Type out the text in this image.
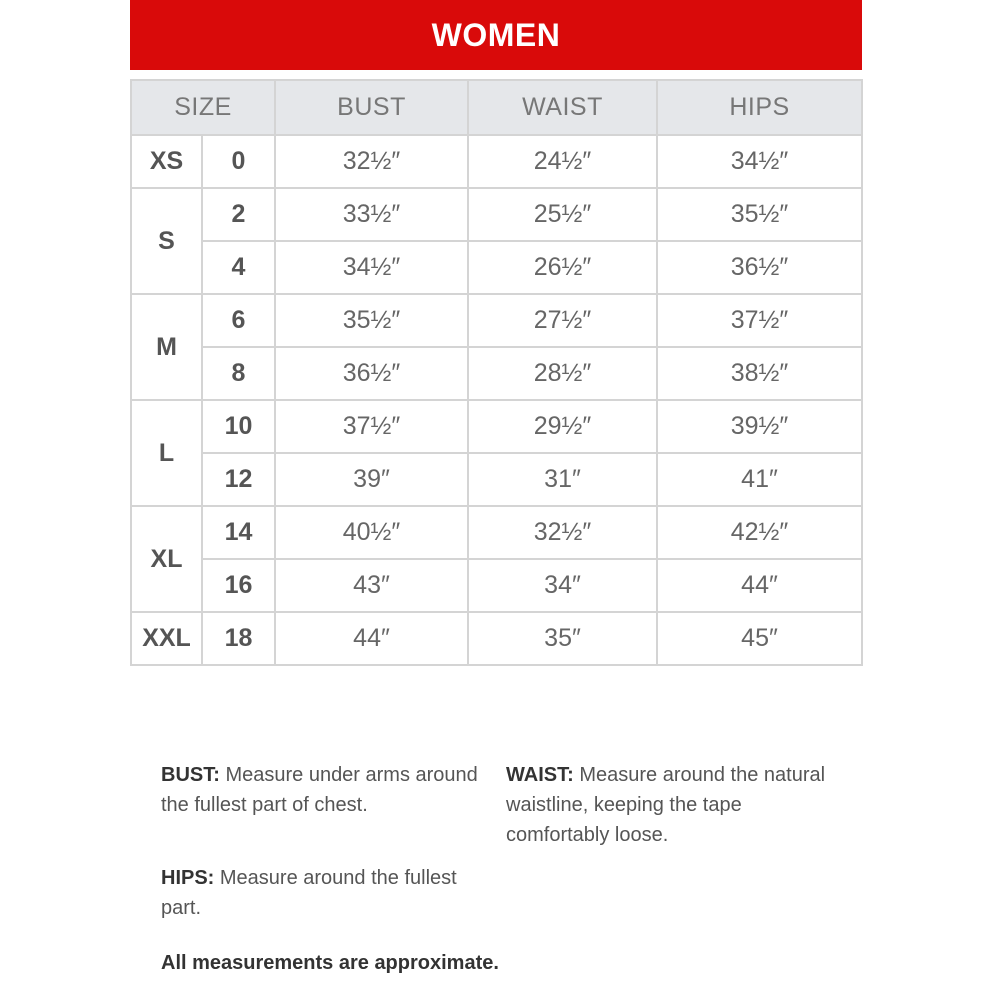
WOMEN
SIZE		BUST	WAIST	HIPS
XS	0	32½″	24½″	34½″
S	2	33½″	25½″	35½″
	4	34½″	26½″	36½″
M	6	35½″	27½″	37½″
	8	36½″	28½″	38½″
L	10	37½″	29½″	39½″
	12	39″	31″	41″
XL	14	40½″	32½″	42½″
	16	43″	34″	44″
XXL	18	44″	35″	45″
BUST: Measure under arms around the fullest part of chest.
WAIST: Measure around the natural waistline, keeping the tape comfortably loose.
HIPS: Measure around the fullest part.
All measurements are approximate.
